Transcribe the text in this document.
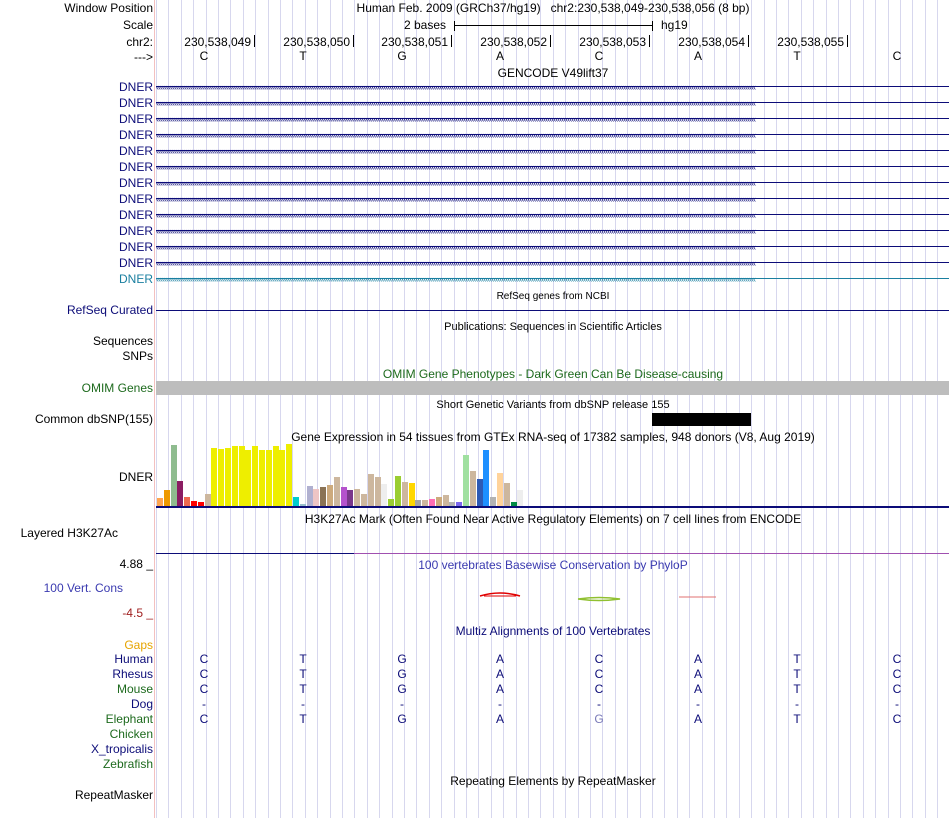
Window Position
Scale
chr2:
--->
Human Feb. 2009 (GRCh37/hg19)   chr2:230,538,049-230,538,056 (8 bp)
2 bases	hg19
230,538,049	230,538,050	230,538,051	230,538,052	230,538,053	230,538,054	230,538,055
C	T	G	A	C	A	T	C
GENCODE V49lift37
DNER ‹‹‹‹‹‹‹‹‹‹‹‹‹‹‹‹‹‹‹‹‹‹‹‹‹‹‹‹‹‹‹‹‹‹‹‹‹‹‹‹‹‹‹‹‹‹‹‹‹‹‹‹‹‹‹‹‹‹‹‹‹‹‹‹‹‹‹‹‹‹‹‹‹‹‹‹‹‹‹‹‹‹‹‹‹‹‹‹‹‹‹‹‹‹‹‹‹‹‹‹‹‹‹‹‹‹‹‹‹‹‹‹‹‹‹‹‹‹‹‹‹‹‹‹‹‹‹‹‹‹‹‹‹‹‹‹‹‹‹‹‹‹‹‹‹‹‹‹‹‹‹‹‹‹‹‹‹‹‹‹‹‹‹‹‹‹‹‹‹‹‹‹‹‹‹‹‹‹‹‹‹‹‹‹‹‹‹‹‹‹‹‹‹‹‹‹‹‹‹‹‹‹‹‹‹‹‹‹‹‹‹‹‹‹‹‹‹‹‹‹‹‹‹‹‹‹‹‹‹‹‹‹‹‹‹‹‹‹‹‹‹‹‹‹‹‹‹‹‹‹‹‹‹‹‹‹‹‹‹‹‹‹‹‹‹‹‹‹‹‹‹‹‹‹‹‹‹‹‹‹‹‹‹‹‹‹‹‹‹‹‹‹‹‹‹‹‹‹‹‹
DNER ‹‹‹‹‹‹‹‹‹‹‹‹‹‹‹‹‹‹‹‹‹‹‹‹‹‹‹‹‹‹‹‹‹‹‹‹‹‹‹‹‹‹‹‹‹‹‹‹‹‹‹‹‹‹‹‹‹‹‹‹‹‹‹‹‹‹‹‹‹‹‹‹‹‹‹‹‹‹‹‹‹‹‹‹‹‹‹‹‹‹‹‹‹‹‹‹‹‹‹‹‹‹‹‹‹‹‹‹‹‹‹‹‹‹‹‹‹‹‹‹‹‹‹‹‹‹‹‹‹‹‹‹‹‹‹‹‹‹‹‹‹‹‹‹‹‹‹‹‹‹‹‹‹‹‹‹‹‹‹‹‹‹‹‹‹‹‹‹‹‹‹‹‹‹‹‹‹‹‹‹‹‹‹‹‹‹‹‹‹‹‹‹‹‹‹‹‹‹‹‹‹‹‹‹‹‹‹‹‹‹‹‹‹‹‹‹‹‹‹‹‹‹‹‹‹‹‹‹‹‹‹‹‹‹‹‹‹‹‹‹‹‹‹‹‹‹‹‹‹‹‹‹‹‹‹‹‹‹‹‹‹‹‹‹‹‹‹‹‹‹‹‹‹‹‹‹‹‹‹‹‹‹‹‹‹‹‹‹‹‹‹‹‹‹‹‹‹‹‹‹
DNER ‹‹‹‹‹‹‹‹‹‹‹‹‹‹‹‹‹‹‹‹‹‹‹‹‹‹‹‹‹‹‹‹‹‹‹‹‹‹‹‹‹‹‹‹‹‹‹‹‹‹‹‹‹‹‹‹‹‹‹‹‹‹‹‹‹‹‹‹‹‹‹‹‹‹‹‹‹‹‹‹‹‹‹‹‹‹‹‹‹‹‹‹‹‹‹‹‹‹‹‹‹‹‹‹‹‹‹‹‹‹‹‹‹‹‹‹‹‹‹‹‹‹‹‹‹‹‹‹‹‹‹‹‹‹‹‹‹‹‹‹‹‹‹‹‹‹‹‹‹‹‹‹‹‹‹‹‹‹‹‹‹‹‹‹‹‹‹‹‹‹‹‹‹‹‹‹‹‹‹‹‹‹‹‹‹‹‹‹‹‹‹‹‹‹‹‹‹‹‹‹‹‹‹‹‹‹‹‹‹‹‹‹‹‹‹‹‹‹‹‹‹‹‹‹‹‹‹‹‹‹‹‹‹‹‹‹‹‹‹‹‹‹‹‹‹‹‹‹‹‹‹‹‹‹‹‹‹‹‹‹‹‹‹‹‹‹‹‹‹‹‹‹‹‹‹‹‹‹‹‹‹‹‹‹‹‹‹‹‹‹‹‹‹‹‹‹‹‹‹‹
DNER ‹‹‹‹‹‹‹‹‹‹‹‹‹‹‹‹‹‹‹‹‹‹‹‹‹‹‹‹‹‹‹‹‹‹‹‹‹‹‹‹‹‹‹‹‹‹‹‹‹‹‹‹‹‹‹‹‹‹‹‹‹‹‹‹‹‹‹‹‹‹‹‹‹‹‹‹‹‹‹‹‹‹‹‹‹‹‹‹‹‹‹‹‹‹‹‹‹‹‹‹‹‹‹‹‹‹‹‹‹‹‹‹‹‹‹‹‹‹‹‹‹‹‹‹‹‹‹‹‹‹‹‹‹‹‹‹‹‹‹‹‹‹‹‹‹‹‹‹‹‹‹‹‹‹‹‹‹‹‹‹‹‹‹‹‹‹‹‹‹‹‹‹‹‹‹‹‹‹‹‹‹‹‹‹‹‹‹‹‹‹‹‹‹‹‹‹‹‹‹‹‹‹‹‹‹‹‹‹‹‹‹‹‹‹‹‹‹‹‹‹‹‹‹‹‹‹‹‹‹‹‹‹‹‹‹‹‹‹‹‹‹‹‹‹‹‹‹‹‹‹‹‹‹‹‹‹‹‹‹‹‹‹‹‹‹‹‹‹‹‹‹‹‹‹‹‹‹‹‹‹‹‹‹‹‹‹‹‹‹‹‹‹‹‹‹‹‹‹‹‹
DNER ‹‹‹‹‹‹‹‹‹‹‹‹‹‹‹‹‹‹‹‹‹‹‹‹‹‹‹‹‹‹‹‹‹‹‹‹‹‹‹‹‹‹‹‹‹‹‹‹‹‹‹‹‹‹‹‹‹‹‹‹‹‹‹‹‹‹‹‹‹‹‹‹‹‹‹‹‹‹‹‹‹‹‹‹‹‹‹‹‹‹‹‹‹‹‹‹‹‹‹‹‹‹‹‹‹‹‹‹‹‹‹‹‹‹‹‹‹‹‹‹‹‹‹‹‹‹‹‹‹‹‹‹‹‹‹‹‹‹‹‹‹‹‹‹‹‹‹‹‹‹‹‹‹‹‹‹‹‹‹‹‹‹‹‹‹‹‹‹‹‹‹‹‹‹‹‹‹‹‹‹‹‹‹‹‹‹‹‹‹‹‹‹‹‹‹‹‹‹‹‹‹‹‹‹‹‹‹‹‹‹‹‹‹‹‹‹‹‹‹‹‹‹‹‹‹‹‹‹‹‹‹‹‹‹‹‹‹‹‹‹‹‹‹‹‹‹‹‹‹‹‹‹‹‹‹‹‹‹‹‹‹‹‹‹‹‹‹‹‹‹‹‹‹‹‹‹‹‹‹‹‹‹‹‹‹‹‹‹‹‹‹‹‹‹‹‹‹‹‹‹
DNER ‹‹‹‹‹‹‹‹‹‹‹‹‹‹‹‹‹‹‹‹‹‹‹‹‹‹‹‹‹‹‹‹‹‹‹‹‹‹‹‹‹‹‹‹‹‹‹‹‹‹‹‹‹‹‹‹‹‹‹‹‹‹‹‹‹‹‹‹‹‹‹‹‹‹‹‹‹‹‹‹‹‹‹‹‹‹‹‹‹‹‹‹‹‹‹‹‹‹‹‹‹‹‹‹‹‹‹‹‹‹‹‹‹‹‹‹‹‹‹‹‹‹‹‹‹‹‹‹‹‹‹‹‹‹‹‹‹‹‹‹‹‹‹‹‹‹‹‹‹‹‹‹‹‹‹‹‹‹‹‹‹‹‹‹‹‹‹‹‹‹‹‹‹‹‹‹‹‹‹‹‹‹‹‹‹‹‹‹‹‹‹‹‹‹‹‹‹‹‹‹‹‹‹‹‹‹‹‹‹‹‹‹‹‹‹‹‹‹‹‹‹‹‹‹‹‹‹‹‹‹‹‹‹‹‹‹‹‹‹‹‹‹‹‹‹‹‹‹‹‹‹‹‹‹‹‹‹‹‹‹‹‹‹‹‹‹‹‹‹‹‹‹‹‹‹‹‹‹‹‹‹‹‹‹‹‹‹‹‹‹‹‹‹‹‹‹‹‹‹‹
DNER ‹‹‹‹‹‹‹‹‹‹‹‹‹‹‹‹‹‹‹‹‹‹‹‹‹‹‹‹‹‹‹‹‹‹‹‹‹‹‹‹‹‹‹‹‹‹‹‹‹‹‹‹‹‹‹‹‹‹‹‹‹‹‹‹‹‹‹‹‹‹‹‹‹‹‹‹‹‹‹‹‹‹‹‹‹‹‹‹‹‹‹‹‹‹‹‹‹‹‹‹‹‹‹‹‹‹‹‹‹‹‹‹‹‹‹‹‹‹‹‹‹‹‹‹‹‹‹‹‹‹‹‹‹‹‹‹‹‹‹‹‹‹‹‹‹‹‹‹‹‹‹‹‹‹‹‹‹‹‹‹‹‹‹‹‹‹‹‹‹‹‹‹‹‹‹‹‹‹‹‹‹‹‹‹‹‹‹‹‹‹‹‹‹‹‹‹‹‹‹‹‹‹‹‹‹‹‹‹‹‹‹‹‹‹‹‹‹‹‹‹‹‹‹‹‹‹‹‹‹‹‹‹‹‹‹‹‹‹‹‹‹‹‹‹‹‹‹‹‹‹‹‹‹‹‹‹‹‹‹‹‹‹‹‹‹‹‹‹‹‹‹‹‹‹‹‹‹‹‹‹‹‹‹‹‹‹‹‹‹‹‹‹‹‹‹‹‹‹‹‹
DNER ‹‹‹‹‹‹‹‹‹‹‹‹‹‹‹‹‹‹‹‹‹‹‹‹‹‹‹‹‹‹‹‹‹‹‹‹‹‹‹‹‹‹‹‹‹‹‹‹‹‹‹‹‹‹‹‹‹‹‹‹‹‹‹‹‹‹‹‹‹‹‹‹‹‹‹‹‹‹‹‹‹‹‹‹‹‹‹‹‹‹‹‹‹‹‹‹‹‹‹‹‹‹‹‹‹‹‹‹‹‹‹‹‹‹‹‹‹‹‹‹‹‹‹‹‹‹‹‹‹‹‹‹‹‹‹‹‹‹‹‹‹‹‹‹‹‹‹‹‹‹‹‹‹‹‹‹‹‹‹‹‹‹‹‹‹‹‹‹‹‹‹‹‹‹‹‹‹‹‹‹‹‹‹‹‹‹‹‹‹‹‹‹‹‹‹‹‹‹‹‹‹‹‹‹‹‹‹‹‹‹‹‹‹‹‹‹‹‹‹‹‹‹‹‹‹‹‹‹‹‹‹‹‹‹‹‹‹‹‹‹‹‹‹‹‹‹‹‹‹‹‹‹‹‹‹‹‹‹‹‹‹‹‹‹‹‹‹‹‹‹‹‹‹‹‹‹‹‹‹‹‹‹‹‹‹‹‹‹‹‹‹‹‹‹‹‹‹‹‹‹
DNER ‹‹‹‹‹‹‹‹‹‹‹‹‹‹‹‹‹‹‹‹‹‹‹‹‹‹‹‹‹‹‹‹‹‹‹‹‹‹‹‹‹‹‹‹‹‹‹‹‹‹‹‹‹‹‹‹‹‹‹‹‹‹‹‹‹‹‹‹‹‹‹‹‹‹‹‹‹‹‹‹‹‹‹‹‹‹‹‹‹‹‹‹‹‹‹‹‹‹‹‹‹‹‹‹‹‹‹‹‹‹‹‹‹‹‹‹‹‹‹‹‹‹‹‹‹‹‹‹‹‹‹‹‹‹‹‹‹‹‹‹‹‹‹‹‹‹‹‹‹‹‹‹‹‹‹‹‹‹‹‹‹‹‹‹‹‹‹‹‹‹‹‹‹‹‹‹‹‹‹‹‹‹‹‹‹‹‹‹‹‹‹‹‹‹‹‹‹‹‹‹‹‹‹‹‹‹‹‹‹‹‹‹‹‹‹‹‹‹‹‹‹‹‹‹‹‹‹‹‹‹‹‹‹‹‹‹‹‹‹‹‹‹‹‹‹‹‹‹‹‹‹‹‹‹‹‹‹‹‹‹‹‹‹‹‹‹‹‹‹‹‹‹‹‹‹‹‹‹‹‹‹‹‹‹‹‹‹‹‹‹‹‹‹‹‹‹‹‹‹‹
DNER ‹‹‹‹‹‹‹‹‹‹‹‹‹‹‹‹‹‹‹‹‹‹‹‹‹‹‹‹‹‹‹‹‹‹‹‹‹‹‹‹‹‹‹‹‹‹‹‹‹‹‹‹‹‹‹‹‹‹‹‹‹‹‹‹‹‹‹‹‹‹‹‹‹‹‹‹‹‹‹‹‹‹‹‹‹‹‹‹‹‹‹‹‹‹‹‹‹‹‹‹‹‹‹‹‹‹‹‹‹‹‹‹‹‹‹‹‹‹‹‹‹‹‹‹‹‹‹‹‹‹‹‹‹‹‹‹‹‹‹‹‹‹‹‹‹‹‹‹‹‹‹‹‹‹‹‹‹‹‹‹‹‹‹‹‹‹‹‹‹‹‹‹‹‹‹‹‹‹‹‹‹‹‹‹‹‹‹‹‹‹‹‹‹‹‹‹‹‹‹‹‹‹‹‹‹‹‹‹‹‹‹‹‹‹‹‹‹‹‹‹‹‹‹‹‹‹‹‹‹‹‹‹‹‹‹‹‹‹‹‹‹‹‹‹‹‹‹‹‹‹‹‹‹‹‹‹‹‹‹‹‹‹‹‹‹‹‹‹‹‹‹‹‹‹‹‹‹‹‹‹‹‹‹‹‹‹‹‹‹‹‹‹‹‹‹‹‹‹‹‹
DNER ‹‹‹‹‹‹‹‹‹‹‹‹‹‹‹‹‹‹‹‹‹‹‹‹‹‹‹‹‹‹‹‹‹‹‹‹‹‹‹‹‹‹‹‹‹‹‹‹‹‹‹‹‹‹‹‹‹‹‹‹‹‹‹‹‹‹‹‹‹‹‹‹‹‹‹‹‹‹‹‹‹‹‹‹‹‹‹‹‹‹‹‹‹‹‹‹‹‹‹‹‹‹‹‹‹‹‹‹‹‹‹‹‹‹‹‹‹‹‹‹‹‹‹‹‹‹‹‹‹‹‹‹‹‹‹‹‹‹‹‹‹‹‹‹‹‹‹‹‹‹‹‹‹‹‹‹‹‹‹‹‹‹‹‹‹‹‹‹‹‹‹‹‹‹‹‹‹‹‹‹‹‹‹‹‹‹‹‹‹‹‹‹‹‹‹‹‹‹‹‹‹‹‹‹‹‹‹‹‹‹‹‹‹‹‹‹‹‹‹‹‹‹‹‹‹‹‹‹‹‹‹‹‹‹‹‹‹‹‹‹‹‹‹‹‹‹‹‹‹‹‹‹‹‹‹‹‹‹‹‹‹‹‹‹‹‹‹‹‹‹‹‹‹‹‹‹‹‹‹‹‹‹‹‹‹‹‹‹‹‹‹‹‹‹‹‹‹‹‹‹
DNER ‹‹‹‹‹‹‹‹‹‹‹‹‹‹‹‹‹‹‹‹‹‹‹‹‹‹‹‹‹‹‹‹‹‹‹‹‹‹‹‹‹‹‹‹‹‹‹‹‹‹‹‹‹‹‹‹‹‹‹‹‹‹‹‹‹‹‹‹‹‹‹‹‹‹‹‹‹‹‹‹‹‹‹‹‹‹‹‹‹‹‹‹‹‹‹‹‹‹‹‹‹‹‹‹‹‹‹‹‹‹‹‹‹‹‹‹‹‹‹‹‹‹‹‹‹‹‹‹‹‹‹‹‹‹‹‹‹‹‹‹‹‹‹‹‹‹‹‹‹‹‹‹‹‹‹‹‹‹‹‹‹‹‹‹‹‹‹‹‹‹‹‹‹‹‹‹‹‹‹‹‹‹‹‹‹‹‹‹‹‹‹‹‹‹‹‹‹‹‹‹‹‹‹‹‹‹‹‹‹‹‹‹‹‹‹‹‹‹‹‹‹‹‹‹‹‹‹‹‹‹‹‹‹‹‹‹‹‹‹‹‹‹‹‹‹‹‹‹‹‹‹‹‹‹‹‹‹‹‹‹‹‹‹‹‹‹‹‹‹‹‹‹‹‹‹‹‹‹‹‹‹‹‹‹‹‹‹‹‹‹‹‹‹‹‹‹‹‹‹‹
DNER ‹‹‹‹‹‹‹‹‹‹‹‹‹‹‹‹‹‹‹‹‹‹‹‹‹‹‹‹‹‹‹‹‹‹‹‹‹‹‹‹‹‹‹‹‹‹‹‹‹‹‹‹‹‹‹‹‹‹‹‹‹‹‹‹‹‹‹‹‹‹‹‹‹‹‹‹‹‹‹‹‹‹‹‹‹‹‹‹‹‹‹‹‹‹‹‹‹‹‹‹‹‹‹‹‹‹‹‹‹‹‹‹‹‹‹‹‹‹‹‹‹‹‹‹‹‹‹‹‹‹‹‹‹‹‹‹‹‹‹‹‹‹‹‹‹‹‹‹‹‹‹‹‹‹‹‹‹‹‹‹‹‹‹‹‹‹‹‹‹‹‹‹‹‹‹‹‹‹‹‹‹‹‹‹‹‹‹‹‹‹‹‹‹‹‹‹‹‹‹‹‹‹‹‹‹‹‹‹‹‹‹‹‹‹‹‹‹‹‹‹‹‹‹‹‹‹‹‹‹‹‹‹‹‹‹‹‹‹‹‹‹‹‹‹‹‹‹‹‹‹‹‹‹‹‹‹‹‹‹‹‹‹‹‹‹‹‹‹‹‹‹‹‹‹‹‹‹‹‹‹‹‹‹‹‹‹‹‹‹‹‹‹‹‹‹‹‹‹‹‹
RefSeq genes from NCBI
RefSeq Curated
Publications: Sequences in Scientific Articles
Sequences
SNPs
OMIM Gene Phenotypes - Dark Green Can Be Disease-causing
OMIM Genes
Short Genetic Variants from dbSNP release 155
Common dbSNP(155)
Gene Expression in 54 tissues from GTEx RNA-seq of 17382 samples, 948 donors (V8, Aug 2019)
DNER
H3K27Ac Mark (Often Found Near Active Regulatory Elements) on 7 cell lines from ENCODE
Layered H3K27Ac
4.88 _	100 vertebrates Basewise Conservation by PhyloP
100 Vert. Cons
-4.5 _
Multiz Alignments of 100 Vertebrates
Gaps
Human	C	T	G	A	C	A	T	C
Rhesus	C	T	G	A	C	A	T	C
Mouse	C	T	G	A	C	A	T	C
Dog	-	-	-	-	-	-	-	-
Elephant	C	T	G	A	G	A	T	C
Chicken
X_tropicalis
Zebrafish
Repeating Elements by RepeatMasker
RepeatMasker
